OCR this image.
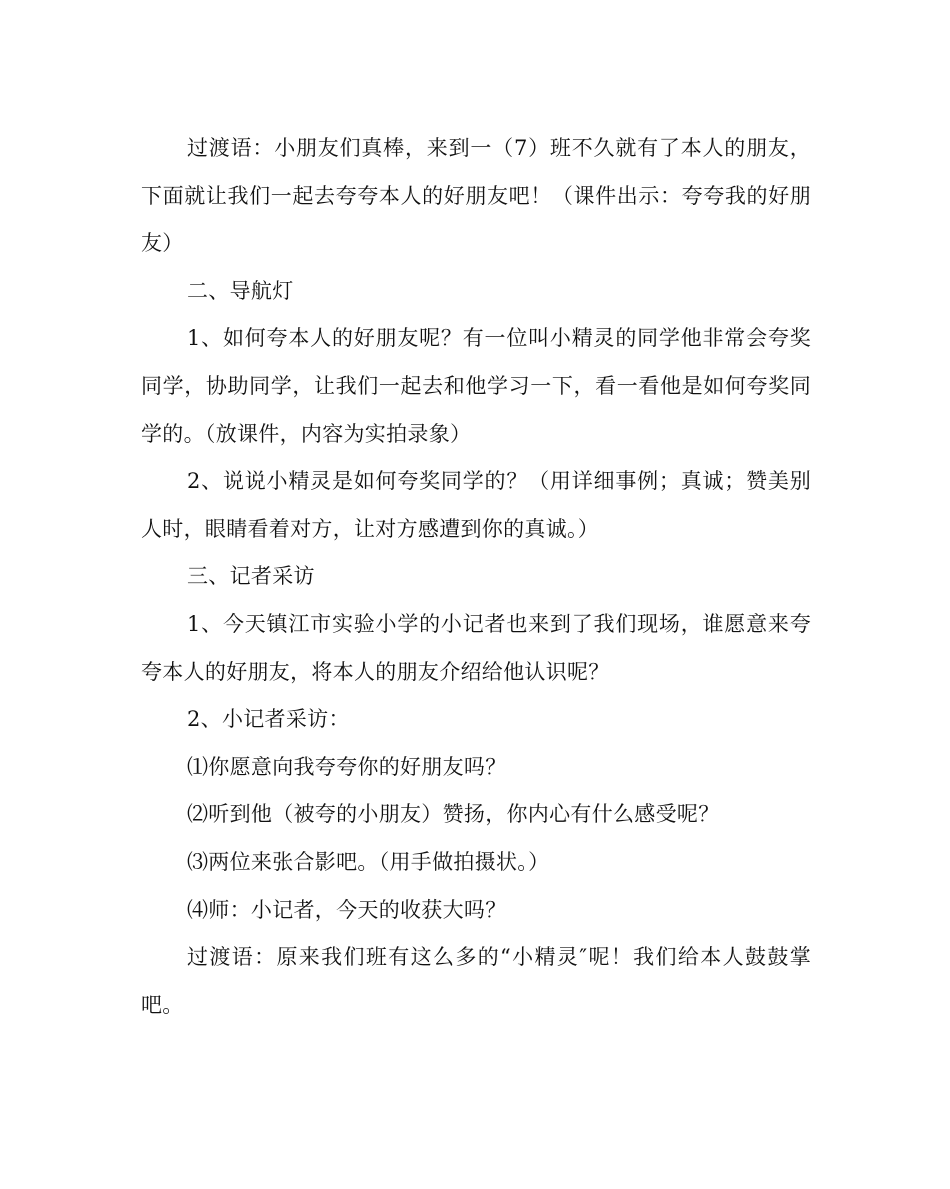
过渡语：小朋友们真棒，来到一（7）班不久就有了本人的朋友，下面就让我们一起去夸夸本人的好朋友吧！（课件出示：夸夸我的好朋友）

二、导航灯

1、如何夸本人的好朋友呢？有一位叫小精灵的同学他非常会夸奖同学，协助同学，让我们一起去和他学习一下，看一看他是如何夸奖同学的。（放课件，内容为实拍录象）

2、说说小精灵是如何夸奖同学的？（用详细事例；真诚；赞美别人时，眼睛看着对方，让对方感遭到你的真诚。）

三、记者采访

1、今天镇江市实验小学的小记者也来到了我们现场，谁愿意来夸夸本人的好朋友，将本人的朋友介绍给他认识呢？

2、小记者采访：

⑴你愿意向我夸夸你的好朋友吗？

⑵听到他（被夸的小朋友）赞扬，你内心有什么感受呢？

⑶两位来张合影吧。（用手做拍摄状。）

⑷师：小记者，今天的收获大吗？

过渡语：原来我们班有这么多的“小精灵″呢！我们给本人鼓鼓掌吧。
